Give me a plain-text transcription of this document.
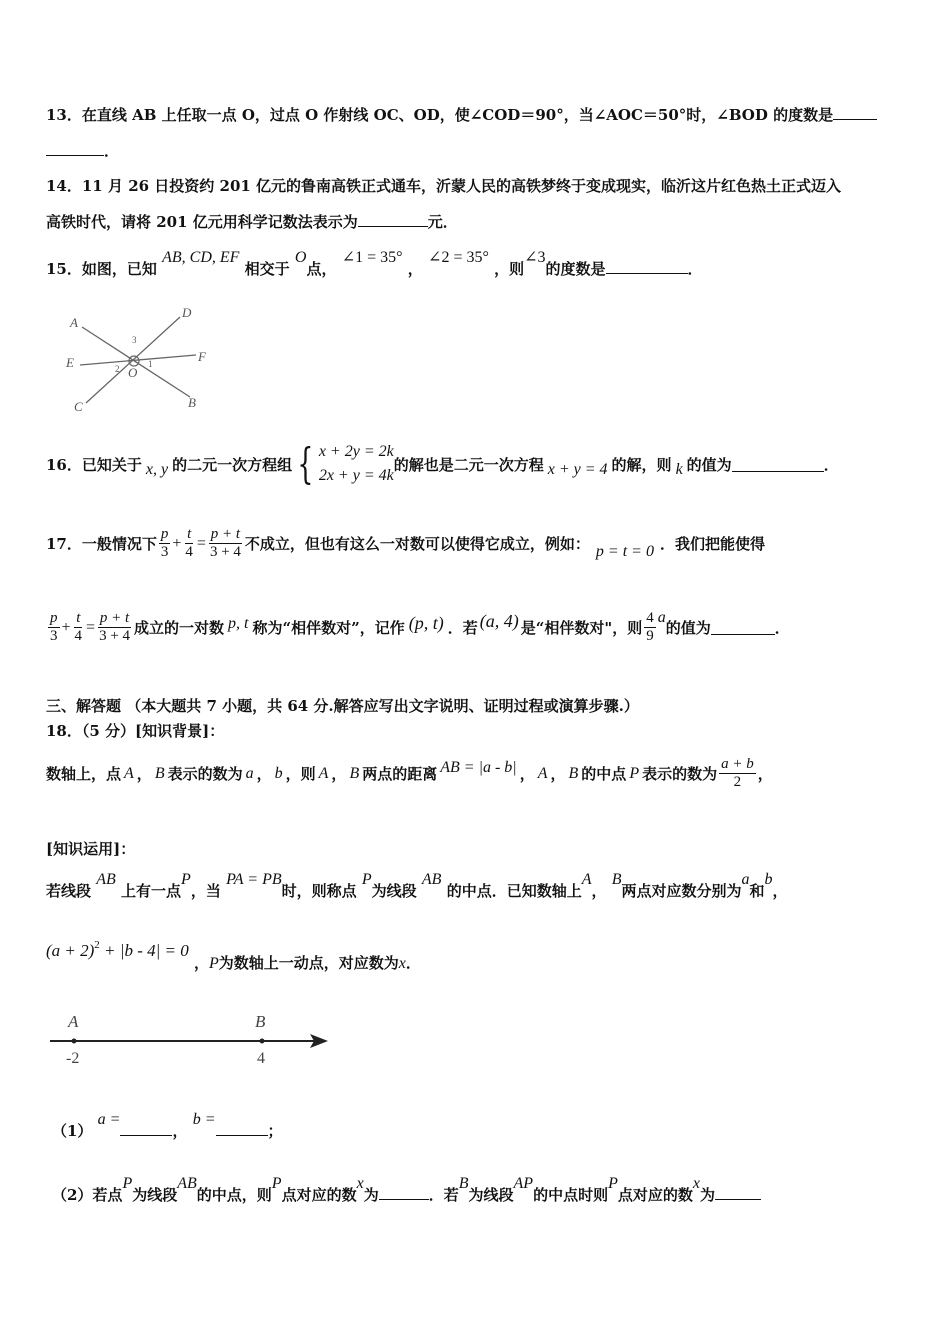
13．在直线 AB 上任取一点 O，过点 O 作射线 OC、OD，使∠COD＝90°，当∠AOC＝50°时，∠BOD 的度数是
．
14．11 月 26 日投资约 201 亿元的鲁南高铁正式通车，沂蒙人民的高铁梦终于变成现实，临沂这片红色热土正式迈入
高铁时代，请将 201 亿元用科学记数法表示为	元．
15．如图，已知 AB, CD, EF 相交于 O点， ∠1 = 35° ， ∠2 = 35° ，则∠3的度数是	．
A
D
E	F
C	B
O
1
2
3
16．已知关于 x, y 的二元一次方程组 { x + 2y = 2k
2x + y = 4k
的解也是二元一次方程 x + y = 4 的解，则 k 的值为	．
17．一般情况下 $\frac{p}{3} + \frac{t}{4} = \frac{p + t}{3 + 4}$ 不成立，但也有这么一对数可以使得它成立，例如： p = t = 0 ．我们把能使得
$\frac{p}{3} + \frac{t}{4} = \frac{p + t}{3 + 4}$ 成立的一对数 p, t 称为“相伴数对”，记作 (p, t) ．若 (a, 4) 是“相伴数对"，则 $\frac{4}{9}$ a
的值为	．
三、解答题 （本大题共 7 小题，共 64 分.解答应写出文字说明、证明过程或演算步骤.）
18．（5 分）[知识背景]：
数轴上，点 A ， B 表示的数为 a ， b ，则 A ， B 两点的距离 AB = |a - b| ， A ， B 的中点 P 表示的数为 $\frac{a + b}{2}$ ，
[知识运用]：
若线段 AB 上有一点P，当 PA = PB时，则称点 P为线段 AB 的中点．已知数轴上A， B两点对应数分别为a和b，
$(a + 2)^2 + |b - 4| = 0$ ，P为数轴上一动点，对应数为x．
A	B
-2	4
（1） a =， b =；
（2）若点P为线段AB的中点，则P点对应的数x为	．若B为线段AP的中点时则P点对应的数x为
